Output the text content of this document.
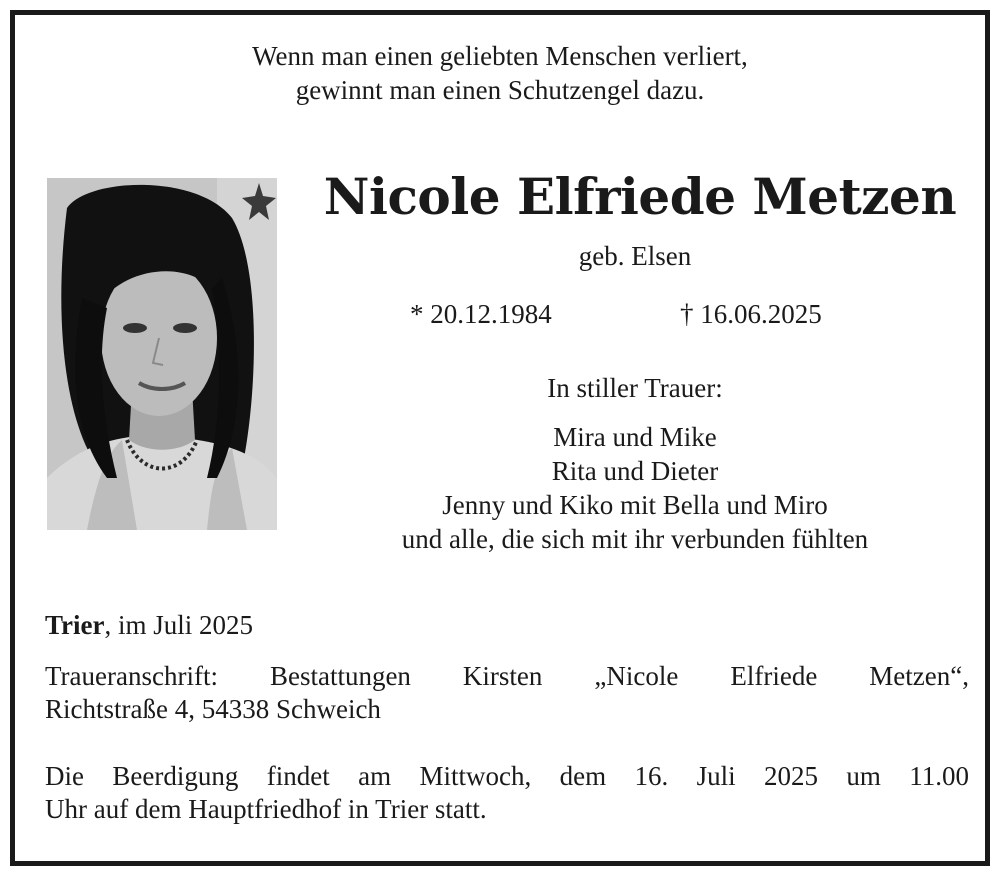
Wenn man einen geliebten Menschen verliert,
gewinnt man einen Schutzengel dazu.
Nicole Elfriede Metzen
geb. Elsen
* 20.12.1984	† 16.06.2025
In stiller Trauer:
Mira und Mike
Rita und Dieter
Jenny und Kiko mit Bella und Miro
und alle, die sich mit ihr verbunden fühlten
Trier, im Juli 2025
Traueranschrift: Bestattungen Kirsten „Nicole Elfriede Metzen“,
Richtstraße 4, 54338 Schweich
Die Beerdigung findet am Mittwoch, dem 16. Juli 2025 um 11.00
Uhr auf dem Hauptfriedhof in Trier statt.
